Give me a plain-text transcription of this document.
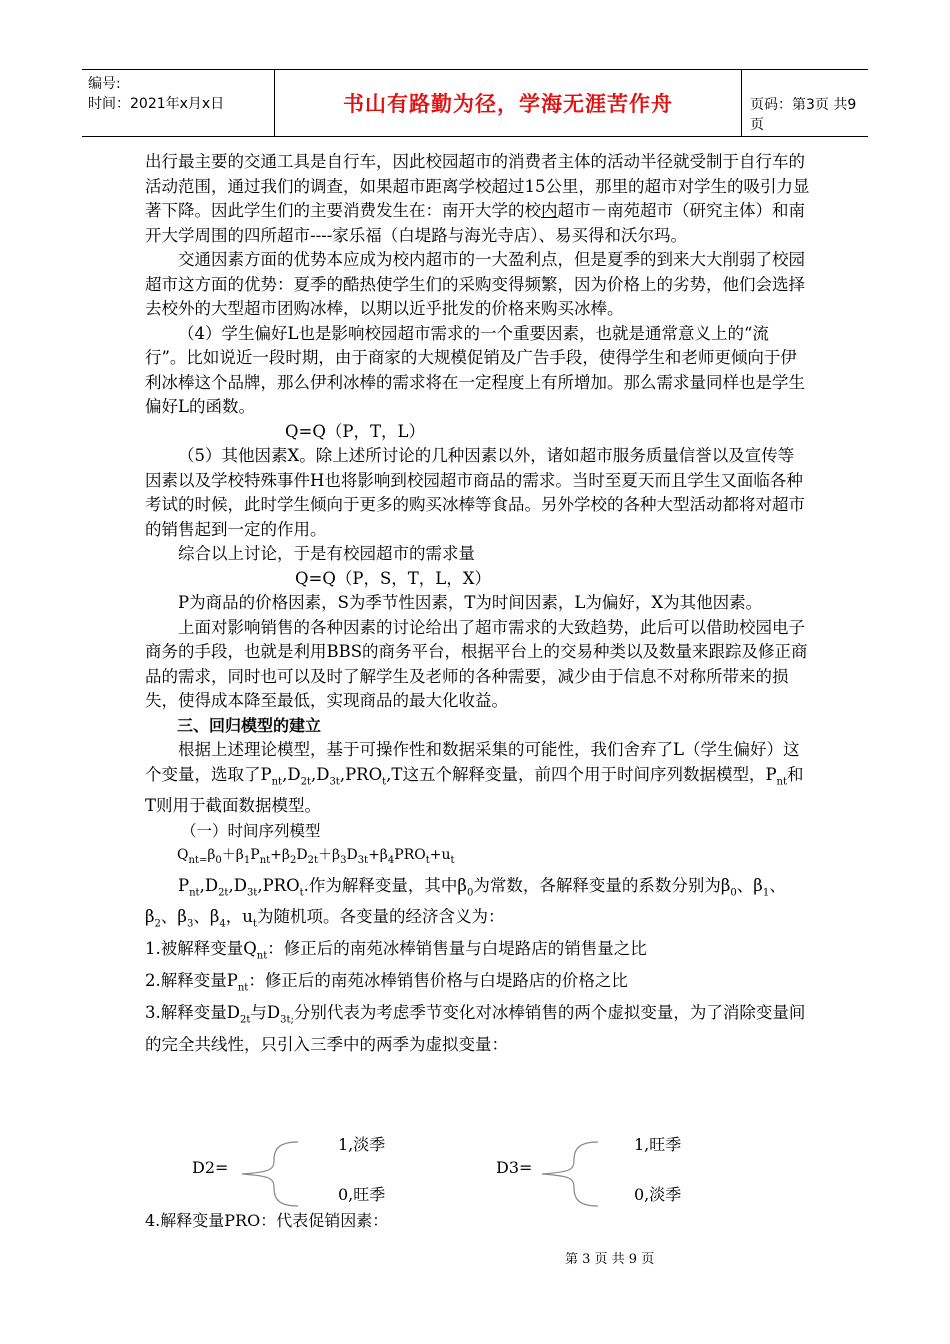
编号:
时间：2021年x月x日	书山有路勤为径，学海无涯苦作舟	页码：第3页 共9页

出行最主要的交通工具是自行车，因此校园超市的消费者主体的活动半径就受制于自行车的活动范围，通过我们的调查，如果超市距离学校超过15公里，那里的超市对学生的吸引力显著下降。因此学生们的主要消费发生在：南开大学的校内超市－南苑超市（研究主体）和南开大学周围的四所超市----家乐福（白堤路与海光寺店）、易买得和沃尔玛。

交通因素方面的优势本应成为校内超市的一大盈利点，但是夏季的到来大大削弱了校园超市这方面的优势：夏季的酷热使学生们的采购变得频繁，因为价格上的劣势，他们会选择去校外的大型超市团购冰棒，以期以近乎批发的价格来购买冰棒。

（4）学生偏好L也是影响校园超市需求的一个重要因素，也就是通常意义上的“流行”。比如说近一段时期，由于商家的大规模促销及广告手段，使得学生和老师更倾向于伊利冰棒这个品牌，那么伊利冰棒的需求将在一定程度上有所增加。那么需求量同样也是学生偏好L的函数。

Q=Q（P，T，L）

（5）其他因素X。除上述所讨论的几种因素以外，诸如超市服务质量信誉以及宣传等因素以及学校特殊事件H也将影响到校园超市商品的需求。当时至夏天而且学生又面临各种考试的时候，此时学生倾向于更多的购买冰棒等食品。另外学校的各种大型活动都将对超市的销售起到一定的作用。

综合以上讨论，于是有校园超市的需求量

Q=Q（P，S，T，L，X）

P为商品的价格因素，S为季节性因素，T为时间因素，L为偏好，X为其他因素。

上面对影响销售的各种因素的讨论给出了超市需求的大致趋势，此后可以借助校园电子商务的手段，也就是利用BBS的商务平台，根据平台上的交易种类以及数量来跟踪及修正商品的需求，同时也可以及时了解学生及老师的各种需要，减少由于信息不对称所带来的损失，使得成本降至最低，实现商品的最大化收益。

三、回归模型的建立

根据上述理论模型，基于可操作性和数据采集的可能性，我们舍弃了L（学生偏好）这个变量，选取了$P_{nt},D_{2t},D_{3t},PRO_t,T$这五个解释变量，前四个用于时间序列数据模型，$P_{nt}$和T则用于截面数据模型。

（一）时间序列模型

$Q_{nt=}\beta_0+\beta_1P_{nt}+\beta_2D_{2t}+\beta_3D_{3t}+\beta_4PRO_t+u_t$

$P_{nt},D_{2t},D_{3t},PRO_t$.作为解释变量，其中$\beta_0$为常数，各解释变量的系数分别为$\beta_0$、$\beta_1$、$\beta_2$、$\beta_3$、$\beta_4$，$u_t$为随机项。各变量的经济含义为：

1.被解释变量$Q_{nt}$：修正后的南苑冰棒销售量与白堤路店的销售量之比

2.解释变量$P_{nt}$：修正后的南苑冰棒销售价格与白堤路店的价格之比

3.解释变量$D_{2t}$与$D_{3t;}$分别代表为考虑季节变化对冰棒销售的两个虚拟变量，为了消除变量间的完全共线性，只引入三季中的两季为虚拟变量：

D2=
1,淡季
0,旺季
D3=
1,旺季
0,淡季
4.解释变量PRO：代表促销因素：
第 3 页 共 9 页
